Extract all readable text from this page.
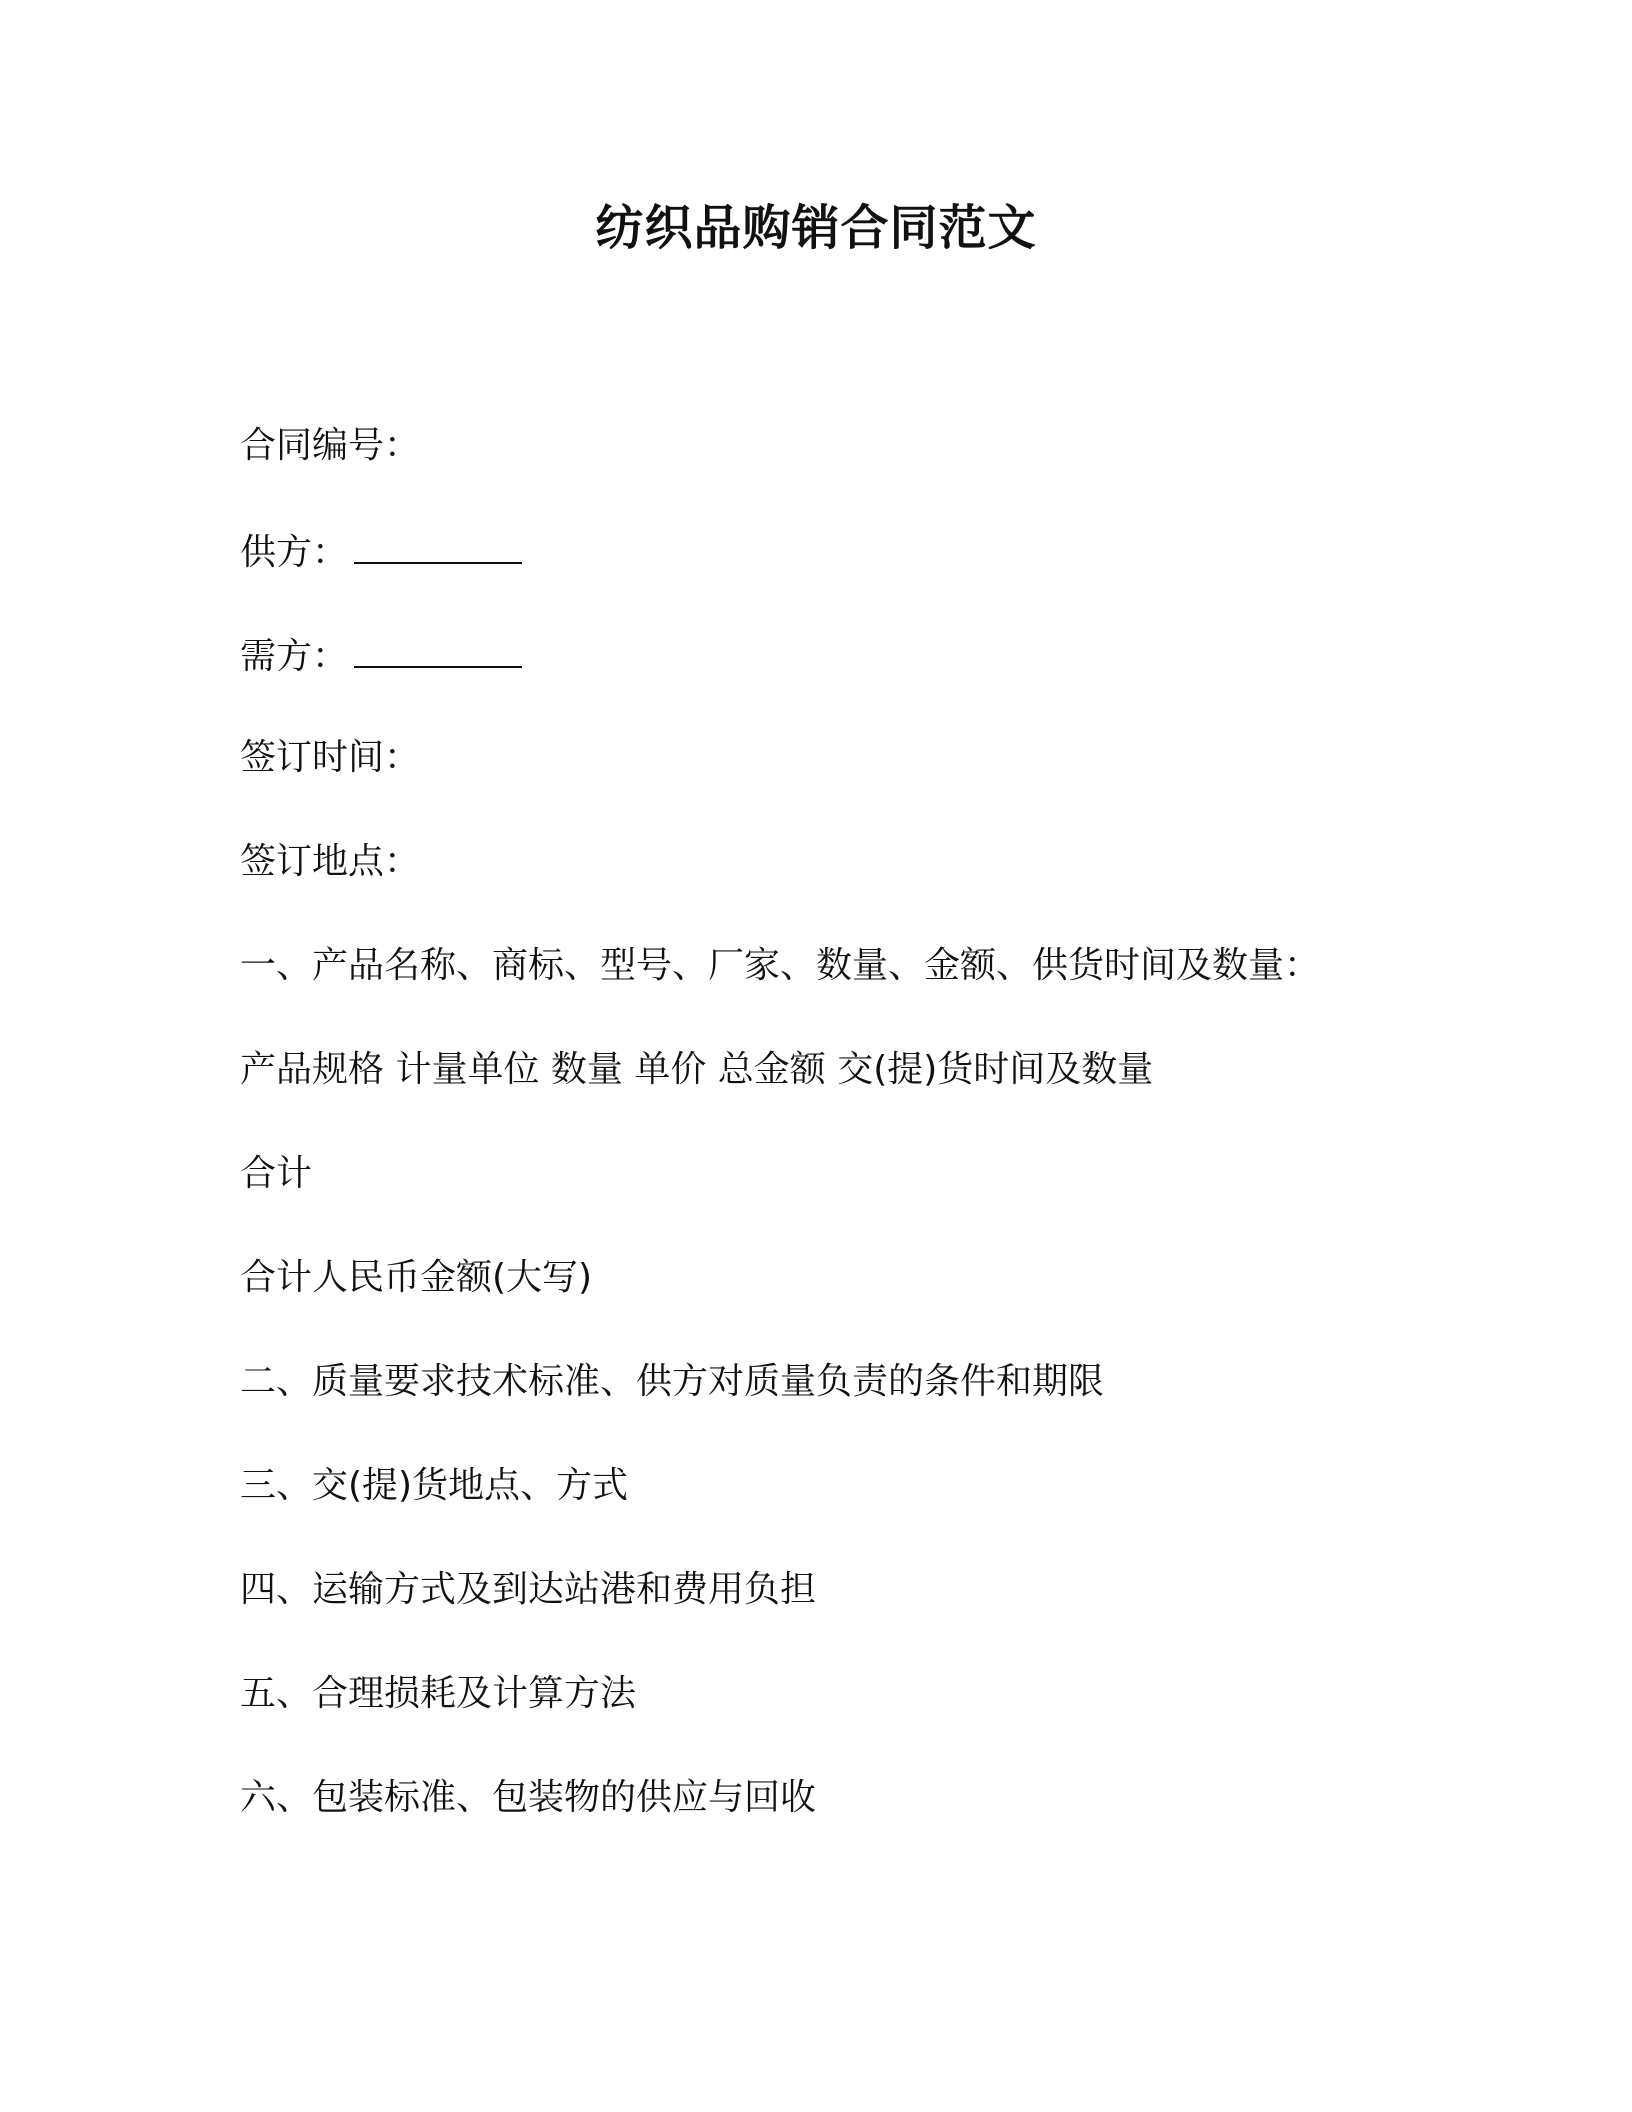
纺织品购销合同范文
合同编号：
供方：
需方：
签订时间：
签订地点：
一、产品名称、商标、型号、厂家、数量、金额、供货时间及数量：
产品规格 计量单位 数量 单价 总金额 交(提)货时间及数量
合计
合计人民币金额(大写)
二、质量要求技术标准、供方对质量负责的条件和期限
三、交(提)货地点、方式
四、运输方式及到达站港和费用负担
五、合理损耗及计算方法
六、包装标准、包装物的供应与回收
